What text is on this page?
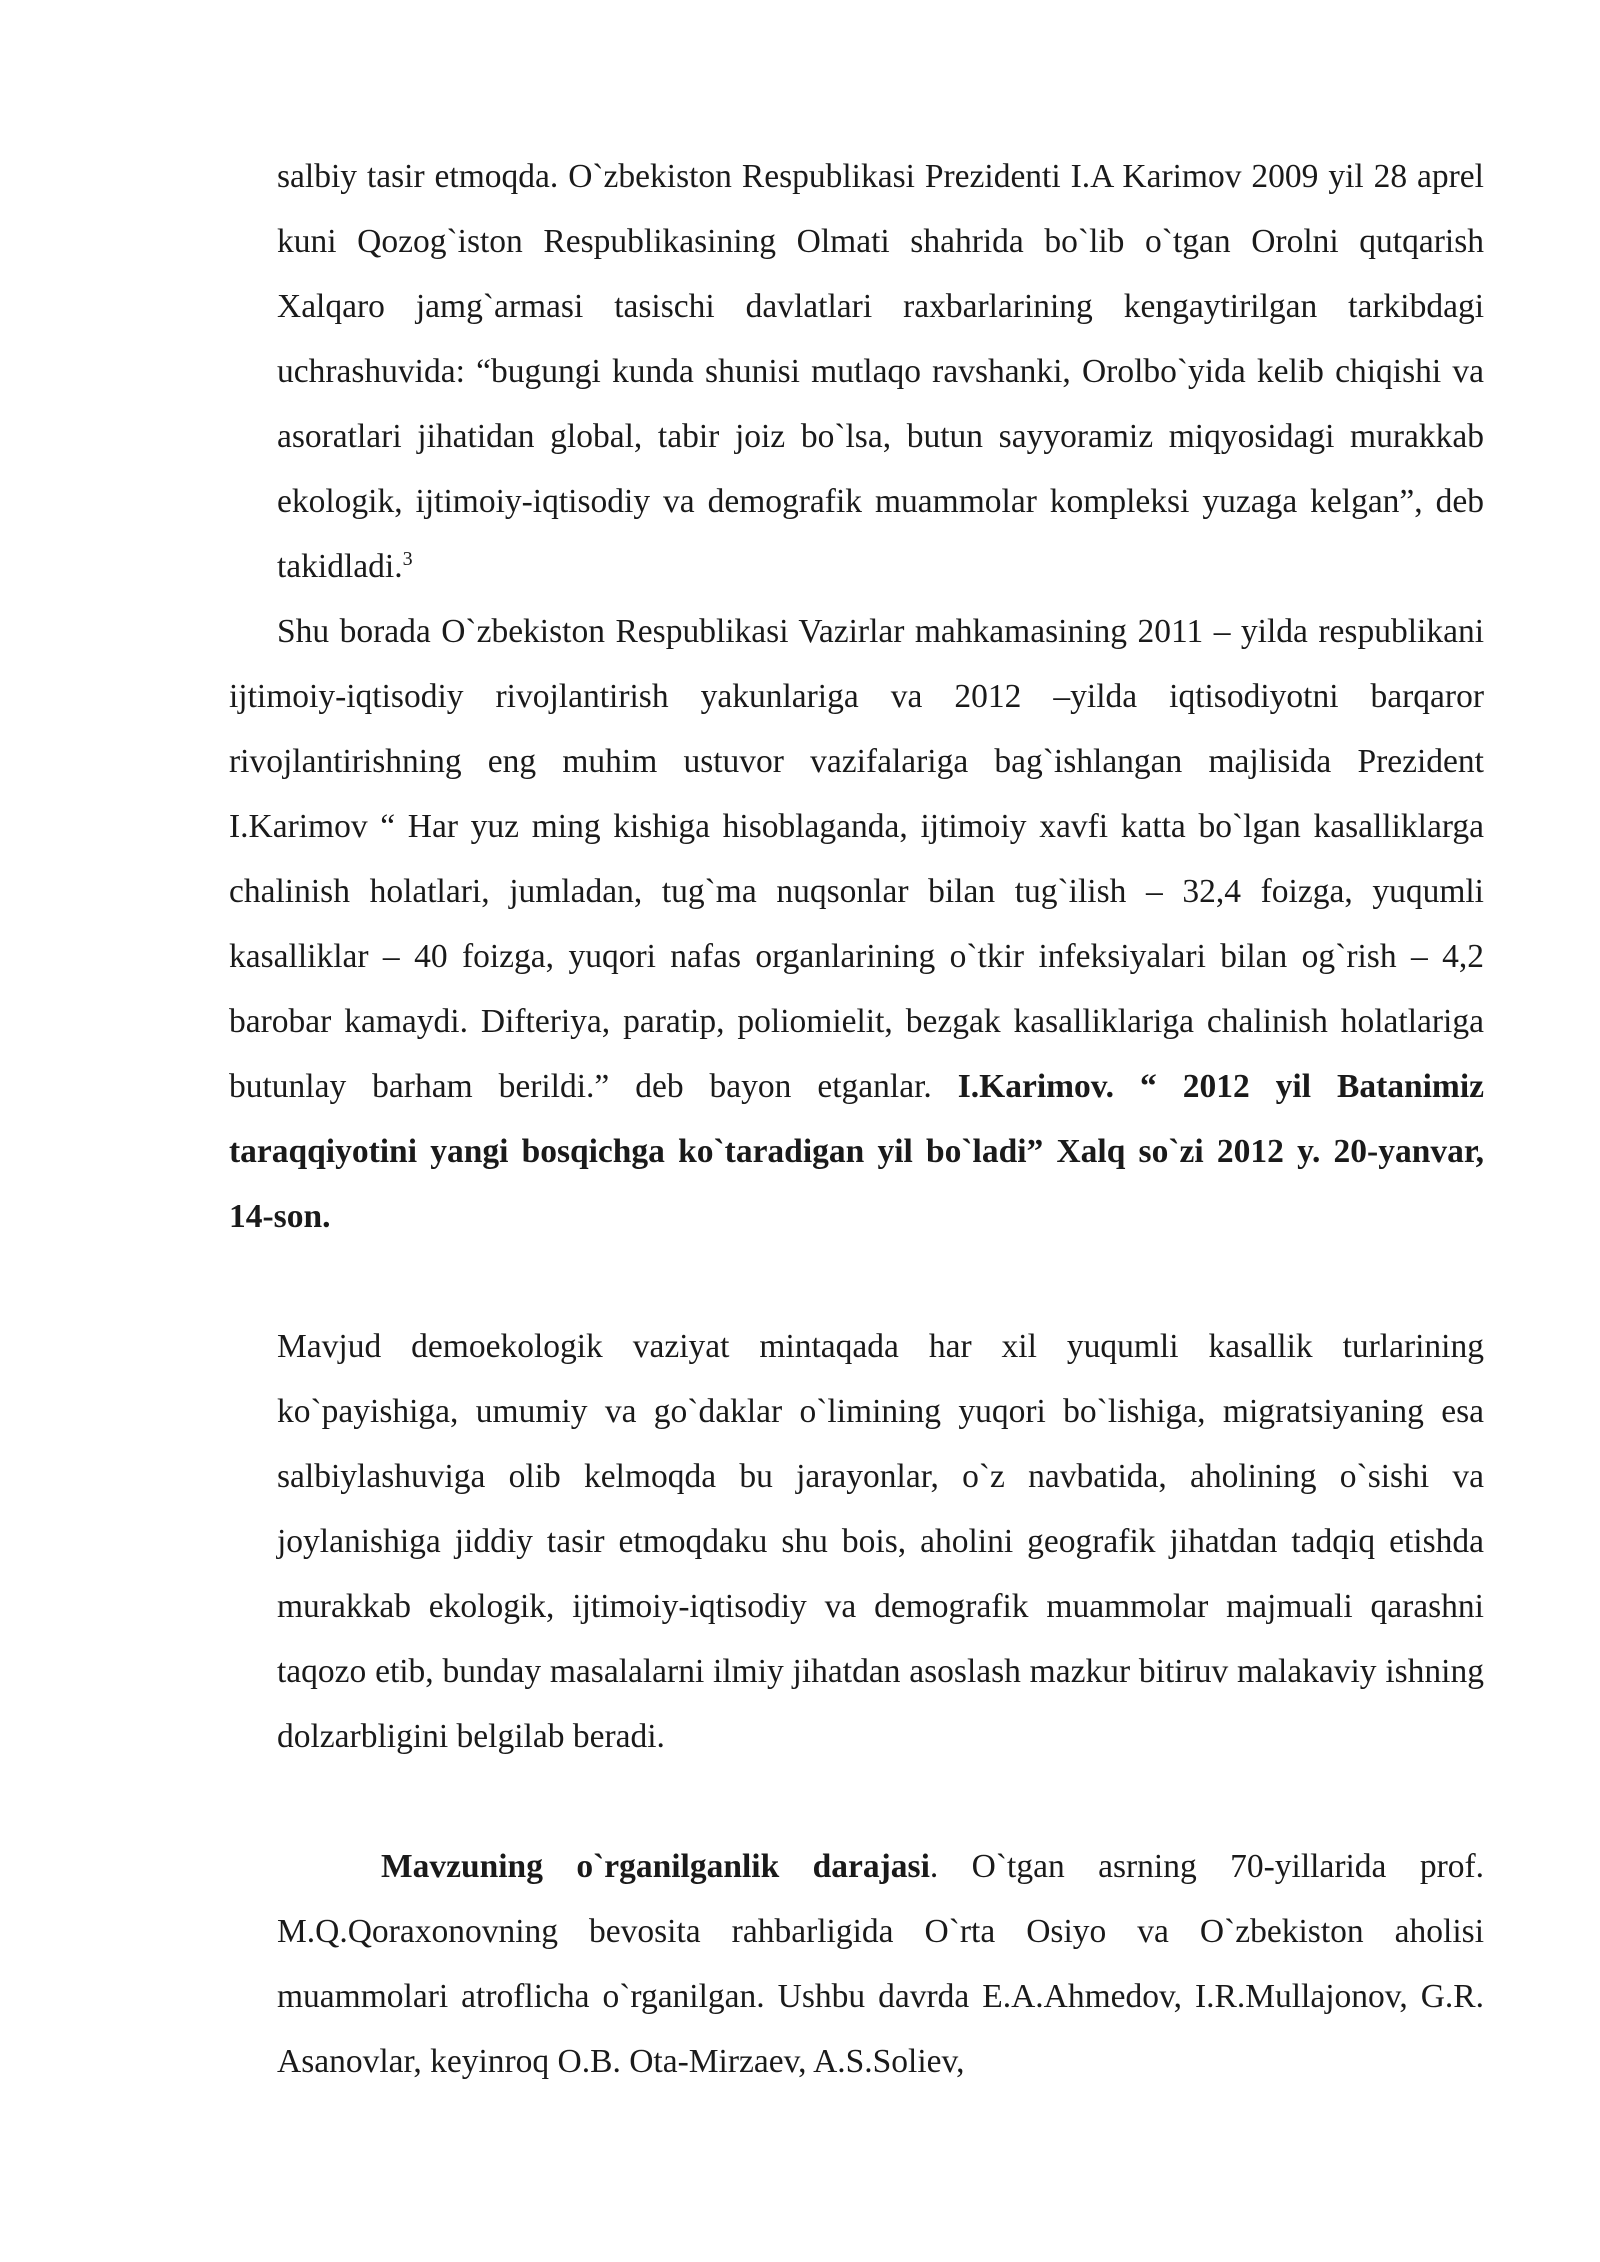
salbiy tasir etmoqda. O`zbekiston Respublikasi Prezidenti I.A Karimov 2009 yil 28 aprel kuni Qozog`iston Respublikasining Olmati shahrida bo`lib o`tgan Orolni qutqarish Xalqaro jamg`armasi tasischi davlatlari raxbarlarining kengaytirilgan tarkibdagi uchrashuvida: “bugungi kunda shunisi mutlaqo ravshanki, Orolbo`yida kelib chiqishi va asoratlari jihatidan global, tabir joiz bo`lsa, butun sayyoramiz miqyosidagi murakkab ekologik, ijtimoiy-iqtisodiy va demografik muammolar kompleksi yuzaga kelgan”, deb takidladi.$^3$

Shu borada O`zbekiston Respublikasi Vazirlar mahkamasining 2011 – yilda respublikani ijtimoiy-iqtisodiy rivojlantirish yakunlariga va 2012 –yilda iqtisodiyotni barqaror rivojlantirishning eng muhim ustuvor vazifalariga bag`ishlangan majlisida Prezident I.Karimov “ Har yuz ming kishiga hisoblaganda, ijtimoiy xavfi katta bo`lgan kasalliklarga chalinish holatlari, jumladan, tug`ma nuqsonlar bilan tug`ilish – 32,4 foizga, yuqumli kasalliklar – 40 foizga, yuqori nafas organlarining o`tkir infeksiyalari bilan og`rish – 4,2 barobar kamaydi. Difteriya, paratip, poliomielit, bezgak kasalliklariga chalinish holatlariga butunlay barham berildi.” deb bayon etganlar. I.Karimov. “ 2012 yil Batanimiz taraqqiyotini yangi bosqichga ko`taradigan yil bo`ladi” Xalq so`zi 2012 y. 20-yanvar, 14-son.

Mavjud demoekologik vaziyat mintaqada har xil yuqumli kasallik turlarining ko`payishiga, umumiy va go`daklar o`limining yuqori bo`lishiga, migratsiyaning esa salbiylashuviga olib kelmoqda bu jarayonlar, o`z navbatida, aholining o`sishi va joylanishiga jiddiy tasir etmoqdaku shu bois, aholini geografik jihatdan tadqiq etishda murakkab ekologik, ijtimoiy-iqtisodiy va demografik muammolar majmuali qarashni taqozo etib, bunday masalalarni ilmiy jihatdan asoslash mazkur bitiruv malakaviy ishning dolzarbligini belgilab beradi.

Mavzuning o`rganilganlik darajasi. O`tgan asrning 70-yillarida prof. M.Q.Qoraxonovning bevosita rahbarligida O`rta Osiyo va O`zbekiston aholisi muammolari atroflicha o`rganilgan. Ushbu davrda E.A.Ahmedov, I.R.Mullajonov, G.R. Asanovlar, keyinroq O.B. Ota-Mirzaev, A.S.Soliev,
